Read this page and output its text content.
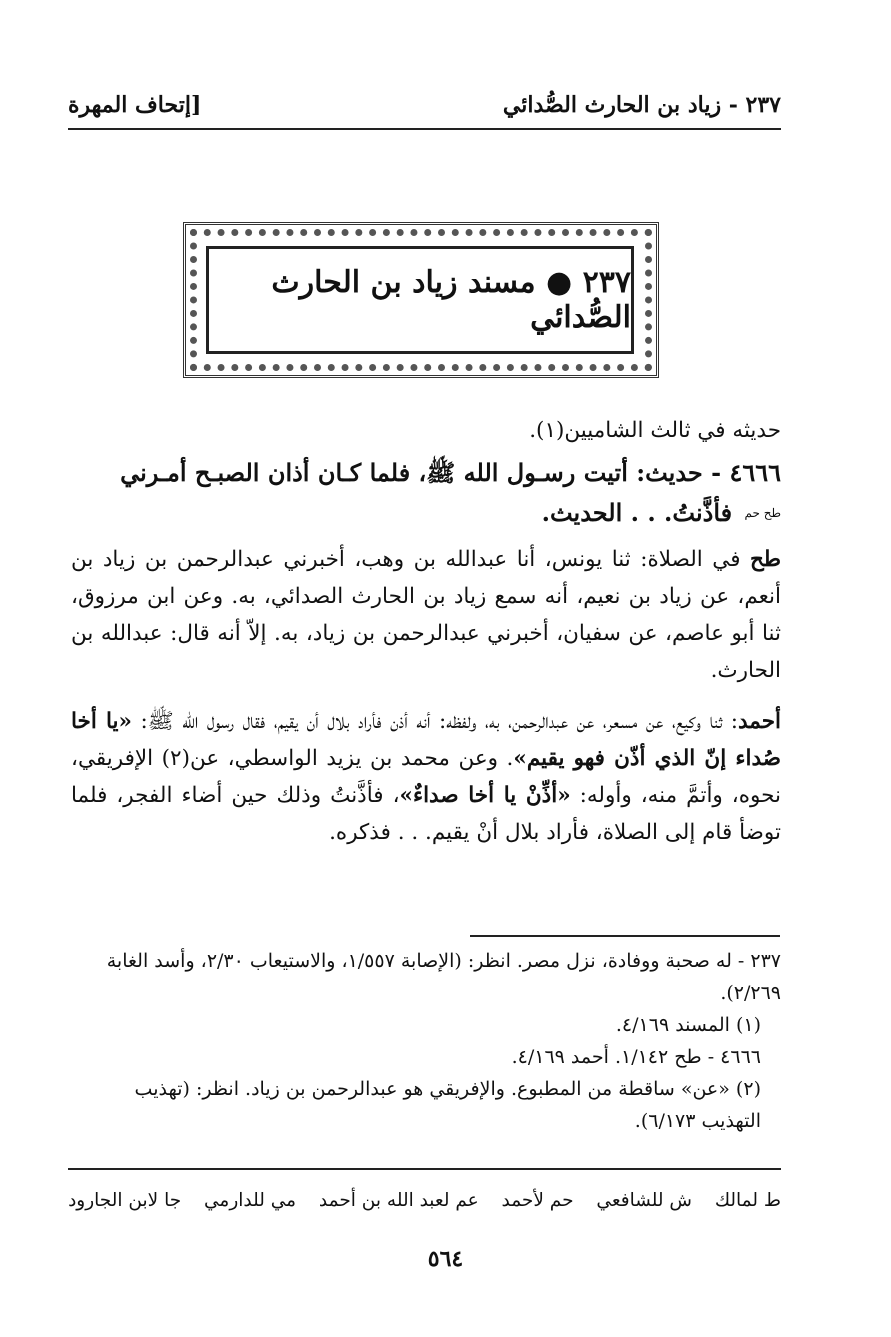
٢٣٧ - زياد بن الحارث الصُّدائي
[إتحاف المهرة
٢٣٧ ● مسند زياد بن الحارث الصُّدائي

حديثه في ثالث الشاميين(١).

٤٦٦٦ - حديث: أتيت رسـول الله ﷺ، فلما كـان أذان الصبـح أمـرني
$^{طح حم}$ فأذَّنتُ. . . الحديث.

طح في الصلاة: ثنا يونس، أنا عبدالله بن وهب، أخبرني عبدالرحمن بن زياد بن أنعم، عن زياد بن نعيم، أنه سمع زياد بن الحارث الصدائي، به. وعن ابن مرزوق، ثنا أبو عاصم، عن سفيان، أخبرني عبدالرحمن بن زياد، به. إلاّ أنه قال: عبدالله بن الحارث.

أحمد: ثنا وكيع، عن مسعر، عن عبدالرحمن، به، ولفظه: أنه أذن فأراد بلال أن يقيم، فقال رسول الله ﷺ: «يا أخا صُداء إنّ الذي أذّن فهو يقيم». وعن محمد بن يزيد الواسطي، عن(٢) الإفريقي، نحوه، وأتمَّ منه، وأوله: «أذِّنْ يا أخا صداءٌ»، فأذَّنتُ وذلك حين أضاء الفجر، فلما توضأ قام إلى الصلاة، فأراد بلال أنْ يقيم. . . فذكره.

٢٣٧ - له صحبة ووفادة، نزل مصر. انظر: (الإصابة ١/٥٥٧، والاستيعاب ٢/٣٠، وأسد الغابة ٢/٢٦٩).
(١) المسند ٤/١٦٩.
٤٦٦٦ - طح ١/١٤٢. أحمد ٤/١٦٩.
(٢) «عن» ساقطة من المطبوع. والإفريقي هو عبدالرحمن بن زياد. انظر: (تهذيب التهذيب ٦/١٧٣).
ط لمالك
ش للشافعي
حم لأحمد
عم لعبد الله بن أحمد
مي للدارمي
جا لابن الجارود
٥٦٤
